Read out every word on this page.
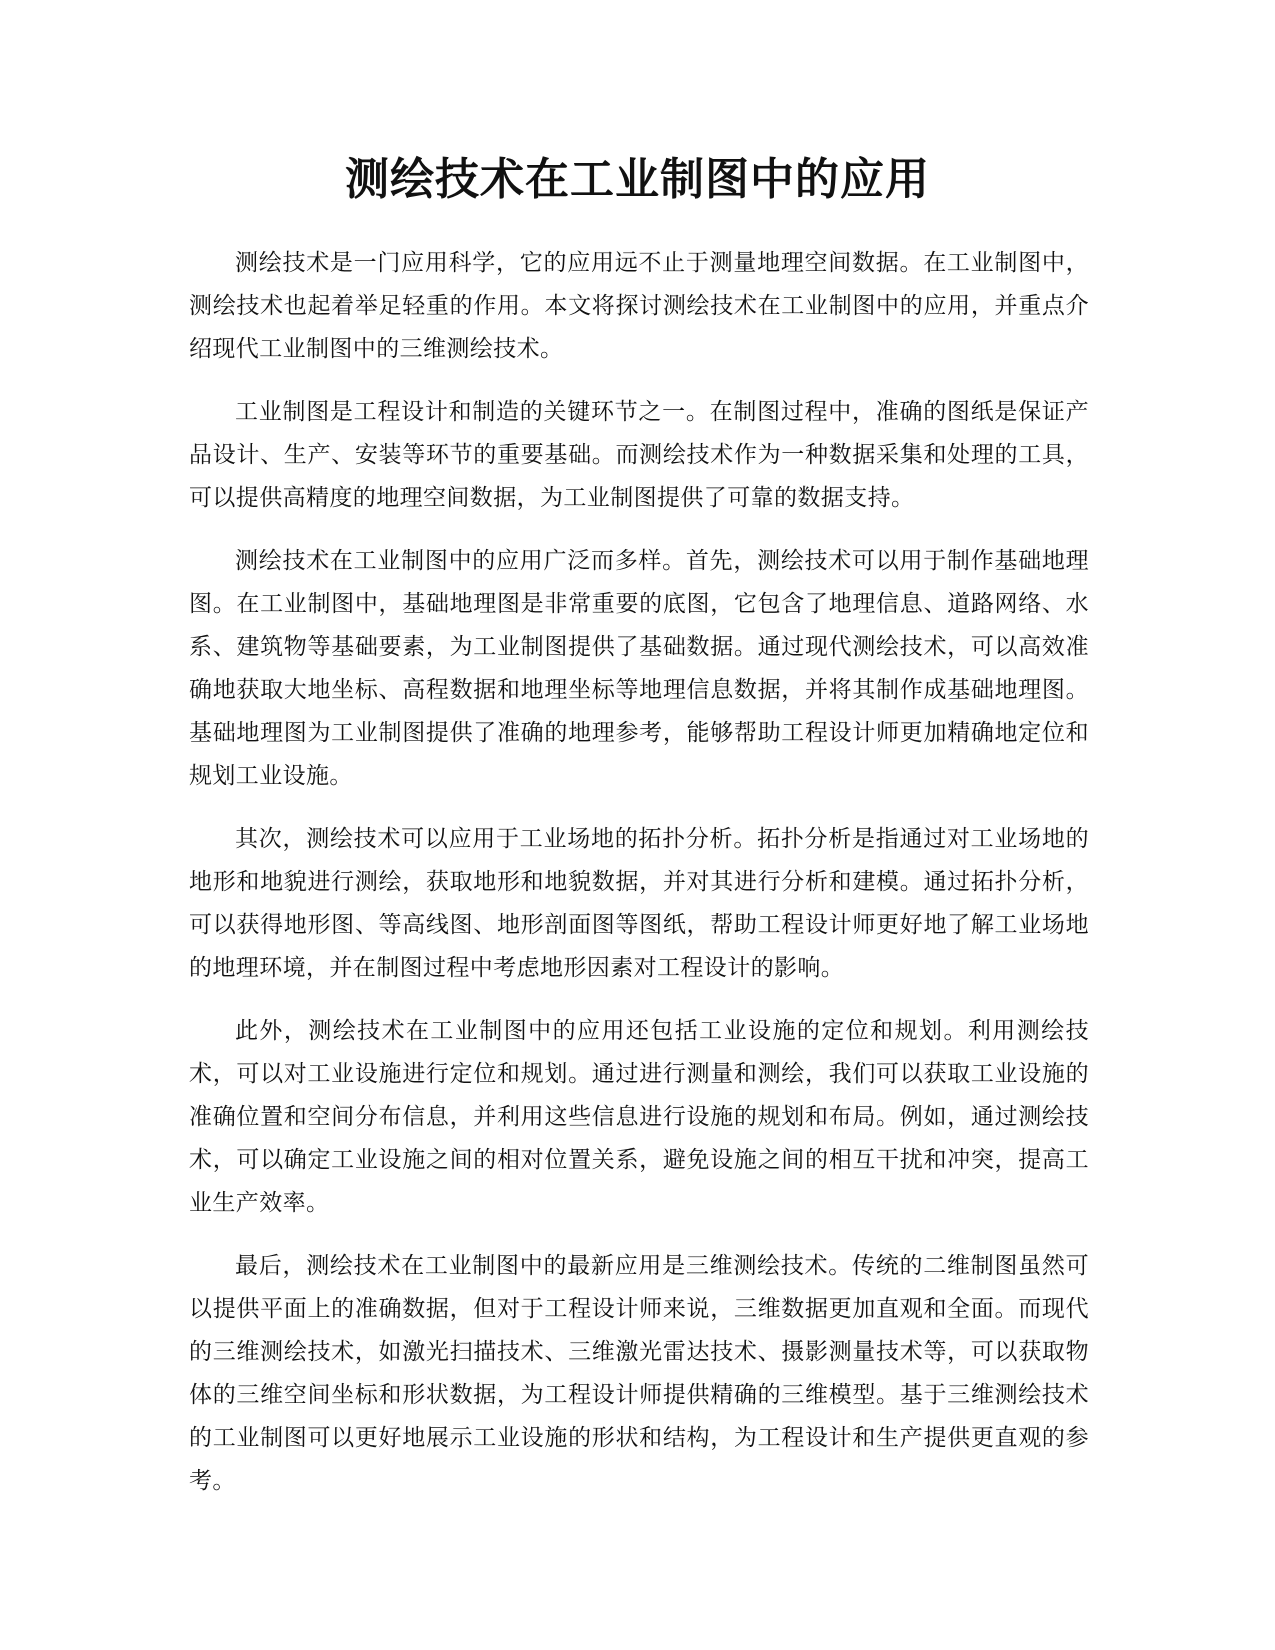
测绘技术在工业制图中的应用

测绘技术是一门应用科学，它的应用远不止于测量地理空间数据。在工业制图中，测绘技术也起着举足轻重的作用。本文将探讨测绘技术在工业制图中的应用，并重点介绍现代工业制图中的三维测绘技术。

工业制图是工程设计和制造的关键环节之一。在制图过程中，准确的图纸是保证产品设计、生产、安装等环节的重要基础。而测绘技术作为一种数据采集和处理的工具，可以提供高精度的地理空间数据，为工业制图提供了可靠的数据支持。

测绘技术在工业制图中的应用广泛而多样。首先，测绘技术可以用于制作基础地理图。在工业制图中，基础地理图是非常重要的底图，它包含了地理信息、道路网络、水系、建筑物等基础要素，为工业制图提供了基础数据。通过现代测绘技术，可以高效准确地获取大地坐标、高程数据和地理坐标等地理信息数据，并将其制作成基础地理图。基础地理图为工业制图提供了准确的地理参考，能够帮助工程设计师更加精确地定位和规划工业设施。

其次，测绘技术可以应用于工业场地的拓扑分析。拓扑分析是指通过对工业场地的地形和地貌进行测绘，获取地形和地貌数据，并对其进行分析和建模。通过拓扑分析，可以获得地形图、等高线图、地形剖面图等图纸，帮助工程设计师更好地了解工业场地的地理环境，并在制图过程中考虑地形因素对工程设计的影响。

此外，测绘技术在工业制图中的应用还包括工业设施的定位和规划。利用测绘技术，可以对工业设施进行定位和规划。通过进行测量和测绘，我们可以获取工业设施的准确位置和空间分布信息，并利用这些信息进行设施的规划和布局。例如，通过测绘技术，可以确定工业设施之间的相对位置关系，避免设施之间的相互干扰和冲突，提高工业生产效率。

最后，测绘技术在工业制图中的最新应用是三维测绘技术。传统的二维制图虽然可以提供平面上的准确数据，但对于工程设计师来说，三维数据更加直观和全面。而现代的三维测绘技术，如激光扫描技术、三维激光雷达技术、摄影测量技术等，可以获取物体的三维空间坐标和形状数据，为工程设计师提供精确的三维模型。基于三维测绘技术的工业制图可以更好地展示工业设施的形状和结构，为工程设计和生产提供更直观的参考。
